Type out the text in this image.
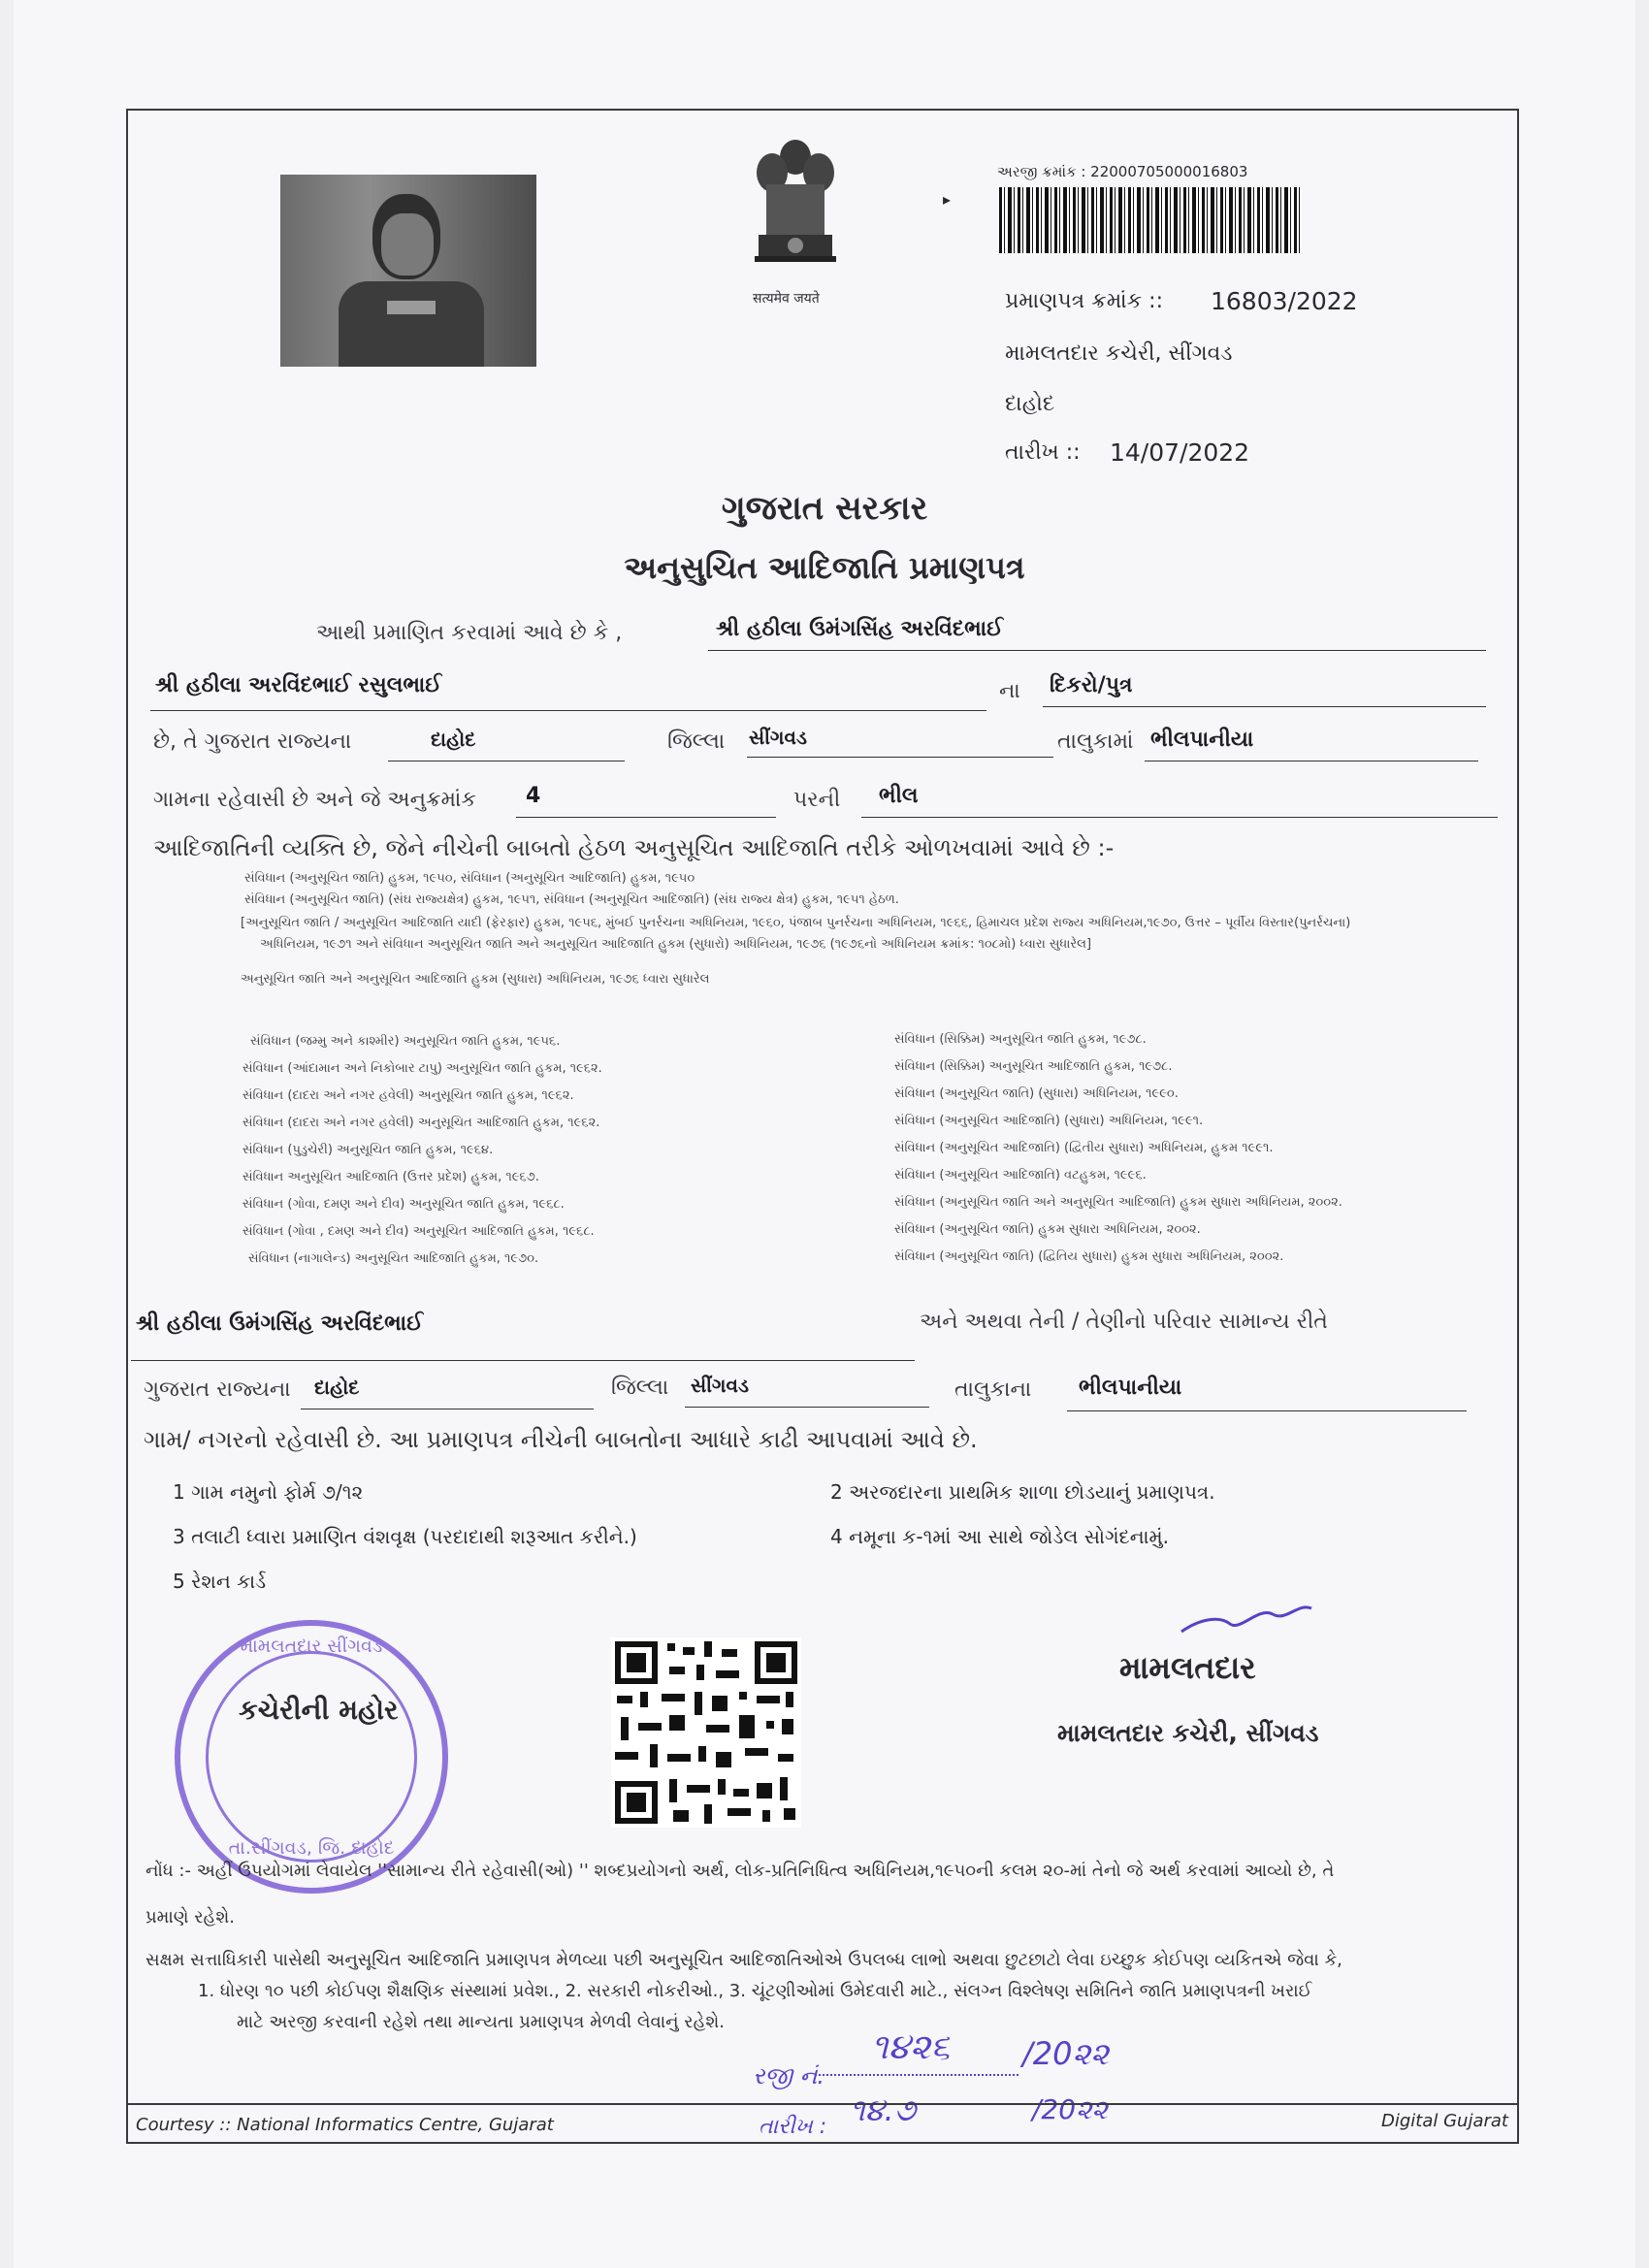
सत्यमेव जयते
અરજી ક્રમાંક : 22000705000016803
▸
પ્રમાણપત્ર ક્રમાંક :: 16803/2022
મામલતદાર કચેરી, સીંગવડ
દાહોદ
તારીખ :: 14/07/2022
ગુજરાત સરકાર
અનુસુચિત આદિજાતિ પ્રમાણપત્ર
આથી પ્રમાણિત કરવામાં આવે છે કે ,	શ્રી હઠીલા ઉમંગસિંહ અરવિંદભાઈ
શ્રી હઠીલા અરવિંદભાઈ રસુલભાઈ	ના દિકરો/પુત્ર
છે, તે ગુજરાત રાજ્યના	દાહોદ	જિલ્લા સીંગવડ	તાલુકામાં ભીલપાનીયા
ગામના રહેવાસી છે અને જે અનુક્રમાંક 4	પરની ભીલ
આદિજાતિની વ્યક્તિ છે, જેને નીચેની બાબતો હેઠળ અનુસૂચિત આદિજાતિ તરીકે ઓળખવામાં આવે છે :-
સંવિધાન (અનુસૂચિત જાતિ) હુકમ, ૧૯૫૦, સંવિધાન (અનુસૂચિત આદિજાતિ) હુકમ, ૧૯૫૦
સંવિધાન (અનુસૂચિત જાતિ) (સંઘ રાજ્યક્ષેત્ર) હુકમ, ૧૯૫૧, સંવિધાન (અનુસૂચિત આદિજાતિ) (સંઘ રાજ્ય ક્ષેત્ર) હુકમ, ૧૯૫૧ હેઠળ.
[અનુસૂચિત જાતિ / અનુસૂચિત આદિજાતિ યાદી (ફેરફાર) હુકમ, ૧૯૫૬, મુંબઈ પુનર્રચના અધિનિયમ, ૧૯૬૦, પંજાબ પુનર્રચના અધિનિયમ, ૧૯૬૬, હિમાચલ પ્રદેશ રાજ્ય અધિનિયમ,૧૯૭૦, ઉત્તર – પૂર્વીય વિસ્તાર(પુનર્રચના)
અધિનિયમ, ૧૯૭૧ અને સંવિધાન અનુસૂચિત જાતિ અને અનુસૂચિત આદિજાતિ હુકમ (સુધારો) અધિનિયમ, ૧૯૭૬ (૧૯૭૬નો અધિનિયમ ક્રમાંક: ૧૦૮મો) ધ્વારા સુધારેલ]
અનુસૂચિત જાતિ અને અનુસૂચિત આદિજાતિ હુકમ (સુધારા) અધિનિયમ, ૧૯૭૬ ધ્વારા સુધારેલ
સંવિધાન (જમ્મુ અને કાશ્મીર) અનુસૂચિત જાતિ હુકમ, ૧૯૫૬.
સંવિધાન (આંદામાન અને નિકોબાર ટાપુ) અનુસૂચિત જાતિ હુકમ, ૧૯૬૨.
સંવિધાન (દાદરા અને નગર હવેલી) અનુસૂચિત જાતિ હુકમ, ૧૯૬૨.
સંવિધાન (દાદરા અને નગર હવેલી) અનુસૂચિત આદિજાતિ હુકમ, ૧૯૬૨.
સંવિધાન (પુડુચેરી) અનુસૂચિત જાતિ હુકમ, ૧૯૬૪.
સંવિધાન અનુસૂચિત આદિજાતિ (ઉત્તર પ્રદેશ) હુકમ, ૧૯૬૭.
સંવિધાન (ગોવા, દમણ અને દીવ) અનુસૂચિત જાતિ હુકમ, ૧૯૬૮.
સંવિધાન (ગોવા , દમણ અને દીવ) અનુસૂચિત આદિજાતિ હુકમ, ૧૯૬૮.
સંવિધાન (નાગાલેન્ડ) અનુસૂચિત આદિજાતિ હુકમ, ૧૯૭૦.
સંવિધાન (સિક્કિમ) અનુસૂચિત જાતિ હુકમ, ૧૯૭૮.
સંવિધાન (સિક્કિમ) અનુસૂચિત આદિજાતિ હુકમ, ૧૯૭૮.
સંવિધાન (અનુસૂચિત જાતિ) (સુધારા) અધિનિયમ, ૧૯૯૦.
સંવિધાન (અનુસૂચિત આદિજાતિ) (સુધારા) અધિનિયમ, ૧૯૯૧.
સંવિધાન (અનુસૂચિત આદિજાતિ) (દ્વિતીય સુધારા) અધિનિયમ, હુકમ ૧૯૯૧.
સંવિધાન (અનુસૂચિત આદિજાતિ) વટહુકમ, ૧૯૯૬.
સંવિધાન (અનુસૂચિત જાતિ અને અનુસૂચિત આદિજાતિ) હુકમ સુધારા અધિનિયમ, ૨૦૦૨.
સંવિધાન (અનુસૂચિત જાતિ) હુકમ સુધારા અધિનિયમ, ૨૦૦૨.
સંવિધાન (અનુસૂચિત જાતિ) (દ્વિતિય સુધારા) હુકમ સુધારા અધિનિયમ, ૨૦૦૨.
શ્રી હઠીલા ઉમંગસિંહ અરવિંદભાઈ	અને અથવા તેની / તેણીનો પરિવાર સામાન્ય રીતે
ગુજરાત રાજ્યના દાહોદ	જિલ્લા સીંગવડ	તાલુકાના ભીલપાનીયા
ગામ/ નગરનો રહેવાસી છે. આ પ્રમાણપત્ર નીચેની બાબતોના આધારે કાઢી આપવામાં આવે છે.
1 ગામ નમુનો ફોર્મ ૭/૧૨	2 અરજદારના પ્રાથમિક શાળા છોડયાનું પ્રમાણપત્ર.
3 તલાટી ધ્વારા પ્રમાણિત વંશવૃક્ષ (પરદાદાથી શરૂઆત કરીને.)	4 નમૂના ક-૧માં આ સાથે જોડેલ સોગંદનામું.
5 રેશન કાર્ડ
મામલતદાર સીંગવડ
તા.સીંગવડ, જિ. દાહોદ
કચેરીની મહોર
મામલતદાર
મામલતદાર કચેરી, સીંગવડ
નોંધ :- અહીં ઉપયોગમાં લેવાયેલ ''સામાન્ય રીતે રહેવાસી(ઓ) '' શબ્દપ્રયોગનો અર્થ, લોક-પ્રતિનિધિત્વ અધિનિયમ,૧૯૫૦ની કલમ ૨૦-માં તેનો જે અર્થ કરવામાં આવ્યો છે, તે
પ્રમાણે રહેશે.
સક્ષમ સત્તાધિકારી પાસેથી અનુસૂચિત આદિજાતિ પ્રમાણપત્ર મેળવ્યા પછી અનુસૂચિત આદિજાતિઓએ ઉપલબ્ધ લાભો અથવા છુટછાટો લેવા ઇચ્છુક કોઈપણ વ્યકિતએ જેવા કે,
1. ધોરણ ૧૦ પછી કોઈપણ શૈક્ષણિક સંસ્થામાં પ્રવેશ., 2. સરકારી નોકરીઓ., 3. ચૂંટણીઓમાં ઉમેદવારી માટે., સંલગ્ન વિશ્લેષણ સમિતિને જાતિ પ્રમાણપત્રની ખરાઈ
માટે અરજી કરવાની રહેશે તથા માન્યતા પ્રમાણપત્ર મેળવી લેવાનું રહેશે.
રજી નં.
૧૪૨૬ /20૨૨
તારીખ : ૧૪.૭	/20૨૨
Courtesy :: National Informatics Centre, Gujarat	Digital Gujarat
